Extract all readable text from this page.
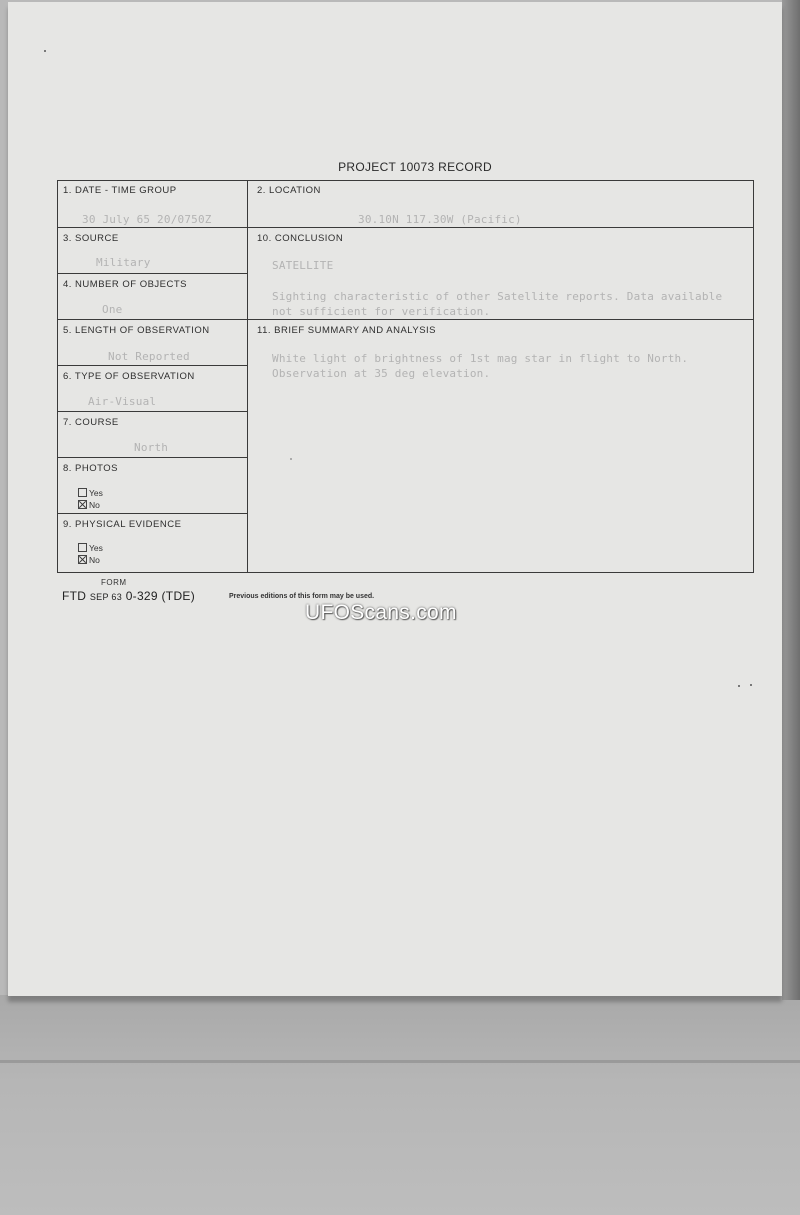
PROJECT 10073 RECORD
1. DATE - TIME GROUP
30 July 65 20/0750Z
2. LOCATION
30.10N 117.30W (Pacific)
3. SOURCE
Military
4. NUMBER OF OBJECTS
One
10. CONCLUSION
SATELLITE
Sighting characteristic of other Satellite reports. Data available not sufficient for verification.
5. LENGTH OF OBSERVATION
Not Reported
11. BRIEF SUMMARY AND ANALYSIS
White light of brightness of 1st mag star in flight to North. Observation at 35 deg elevation.
6. TYPE OF OBSERVATION
Air-Visual
7. COURSE
North
8. PHOTOS
Yes
No
9. PHYSICAL EVIDENCE
Yes
No
FORM
FTD SEP 63 0-329 (TDE)	Previous editions of this form may be used.
UFOScans.com
